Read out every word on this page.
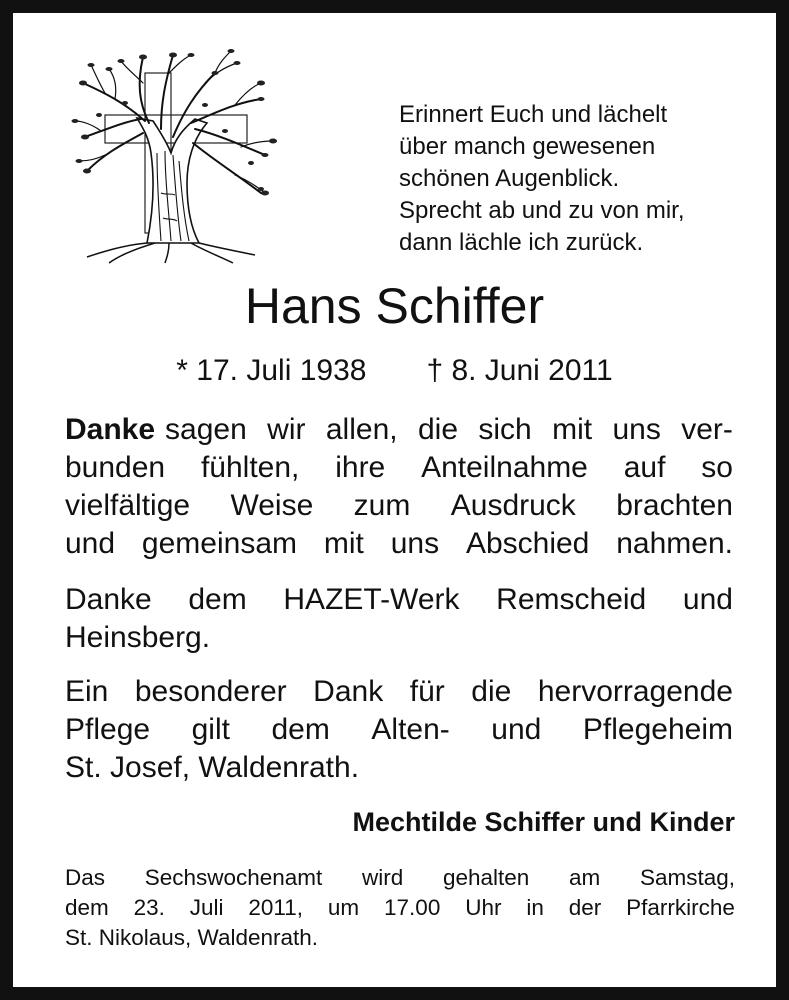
Erinnert Euch und lächelt
über manch gewesenen
schönen Augenblick.
Sprecht ab und zu von mir,
dann lächle ich zurück.
Hans Schiffer
* 17. Juli 1938 † 8. Juni 2011
Danke sagen wir allen, die sich mit uns ver-
bunden fühlten, ihre Anteilnahme auf so
vielfältige Weise zum Ausdruck brachten
und gemeinsam mit uns Abschied nahmen.
Danke dem HAZET-Werk Remscheid und
Heinsberg.
Ein besonderer Dank für die hervorragende
Pflege gilt dem Alten- und Pflegeheim
St. Josef, Waldenrath.
Mechtilde Schiffer und Kinder
Das Sechswochenamt wird gehalten am Samstag,
dem 23. Juli 2011, um 17.00 Uhr in der Pfarrkirche
St. Nikolaus, Waldenrath.
